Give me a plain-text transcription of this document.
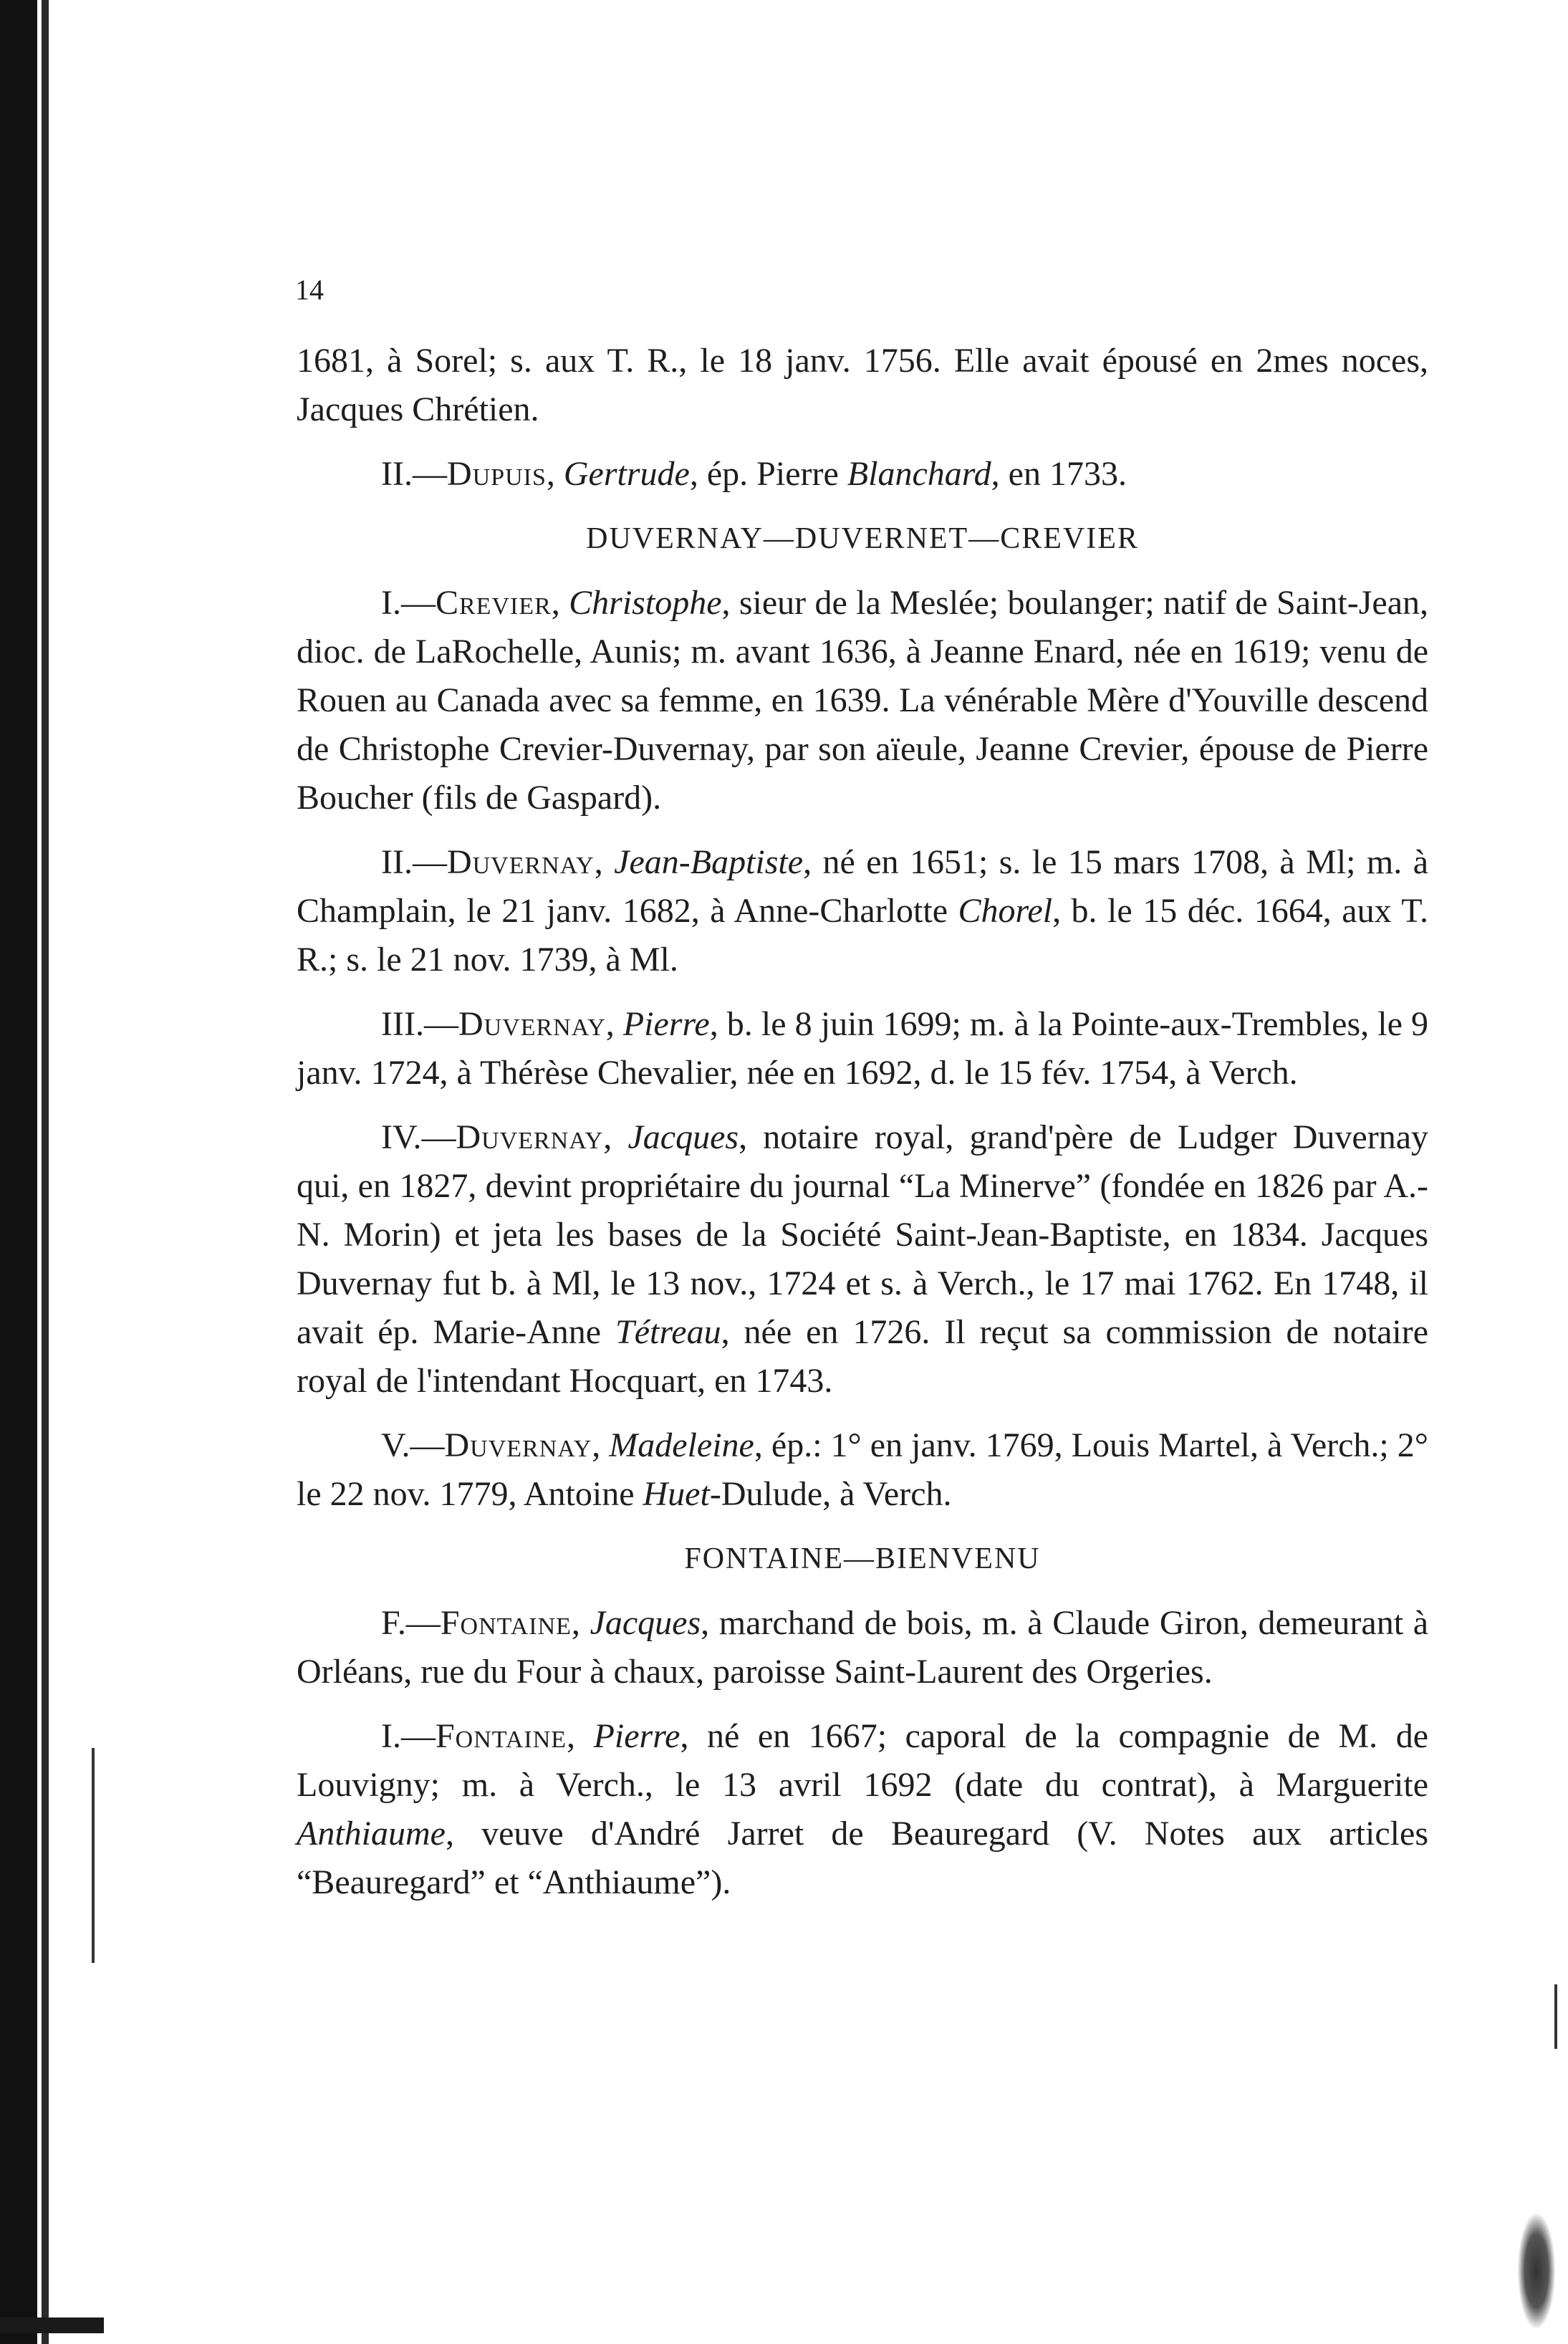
14

1681, à Sorel; s. aux T. R., le 18 janv. 1756. Elle avait épousé en 2mes noces, Jacques Chrétien.

II.—Dupuis, Gertrude, ép. Pierre Blanchard, en 1733.

DUVERNAY—DUVERNET—CREVIER

I.—Crevier, Christophe, sieur de la Meslée; boulanger; natif de Saint-Jean, dioc. de LaRochelle, Aunis; m. avant 1636, à Jeanne Enard, née en 1619; venu de Rouen au Canada avec sa femme, en 1639. La vénérable Mère d'Youville descend de Christophe Crevier-Duvernay, par son aïeule, Jeanne Crevier, épouse de Pierre Boucher (fils de Gaspard).

II.—Duvernay, Jean-Baptiste, né en 1651; s. le 15 mars 1708, à Ml; m. à Champlain, le 21 janv. 1682, à Anne-Charlotte Chorel, b. le 15 déc. 1664, aux T. R.; s. le 21 nov. 1739, à Ml.

III.—Duvernay, Pierre, b. le 8 juin 1699; m. à la Pointe-aux-Trembles, le 9 janv. 1724, à Thérèse Chevalier, née en 1692, d. le 15 fév. 1754, à Verch.

IV.—Duvernay, Jacques, notaire royal, grand'père de Ludger Duvernay qui, en 1827, devint propriétaire du journal “La Minerve” (fondée en 1826 par A.-N. Morin) et jeta les bases de la Société Saint-Jean-Baptiste, en 1834. Jacques Duvernay fut b. à Ml, le 13 nov., 1724 et s. à Verch., le 17 mai 1762. En 1748, il avait ép. Marie-Anne Tétreau, née en 1726. Il reçut sa commission de notaire royal de l'intendant Hocquart, en 1743.

V.—Duvernay, Madeleine, ép.: 1° en janv. 1769, Louis Martel, à Verch.; 2° le 22 nov. 1779, Antoine Huet-Dulude, à Verch.

FONTAINE—BIENVENU

F.—Fontaine, Jacques, marchand de bois, m. à Claude Giron, demeurant à Orléans, rue du Four à chaux, paroisse Saint-Laurent des Orgeries.

I.—Fontaine, Pierre, né en 1667; caporal de la compagnie de M. de Louvigny; m. à Verch., le 13 avril 1692 (date du contrat), à Marguerite Anthiaume, veuve d'André Jarret de Beauregard (V. Notes aux articles “Beauregard” et “Anthiaume”).
